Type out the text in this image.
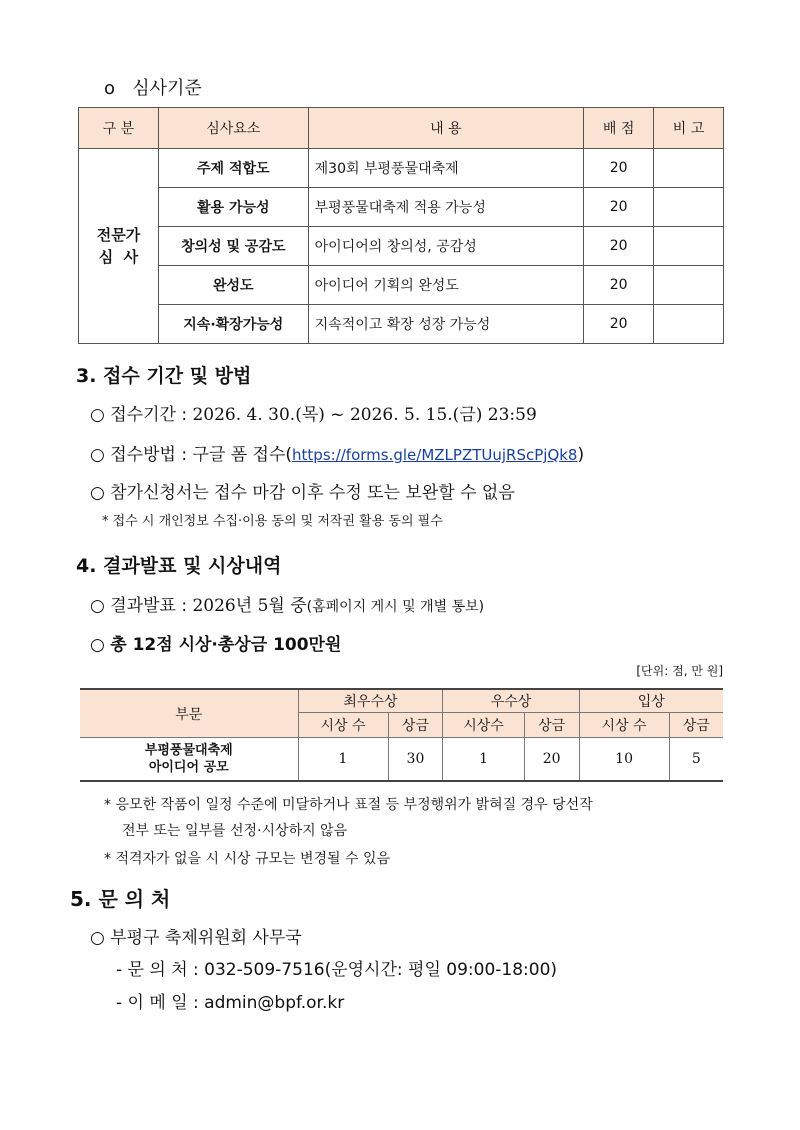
o 심사기준
구 분	심사요소	내 용	배 점	비 고

전문가
심  사	주제 적합도	제30회 부평풍물대축제	20	
	활용 가능성	부평풍물대축제 적용 가능성	20	
	창의성 및 공감도	아이디어의 창의성, 공감성	20	
	완성도	아이디어 기획의 완성도	20	
	지속·확장가능성	지속적이고 확장 성장 가능성	20	
3. 접수 기간 및 방법
○ 접수기간 : 2026. 4. 30.(목) ~ 2026. 5. 15.(금) 23:59
○ 접수방법 : 구글 폼 접수(https://forms.gle/MZLPZTUujRScPjQk8)
○ 참가신청서는 접수 마감 이후 수정 또는 보완할 수 없음
* 접수 시 개인정보 수집·이용 동의 및 저작권 활용 동의 필수
4. 결과발표 및 시상내역
○ 결과발표 : 2026년 5월 중(홈페이지 게시 및 개별 통보)
○ 총 12점 시상·총상금 100만원
[단위: 점, 만 원]
부문	최우수상		우수상		입상	
	시상 수	상금	시상수	상금	시상 수	상금

부평풍물대축제
아이디어 공모	1	30	1	20	10	5
* 응모한 작품이 일정 수준에 미달하거나 표절 등 부정행위가 밝혀질 경우 당선작
전부 또는 일부를 선정·시상하지 않음
* 적격자가 없을 시 시상 규모는 변경될 수 있음
5. 문 의 처
○ 부평구 축제위원회 사무국
- 문 의 처 : 032-509-7516(운영시간: 평일 09:00-18:00)
- 이 메 일 : admin@bpf.or.kr
